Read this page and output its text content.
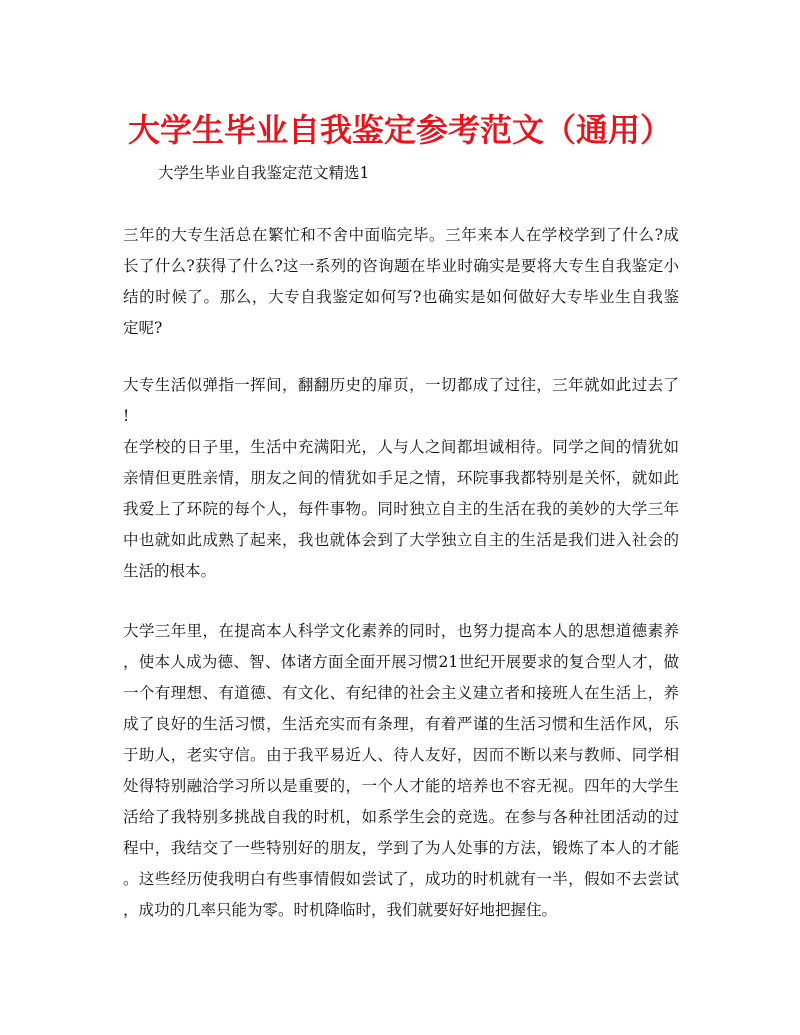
大学生毕业自我鉴定参考范文（通用）

大学生毕业自我鉴定范文精选1

三年的大专生活总在繁忙和不舍中面临完毕。三年来本人在学校学到了什么?成
长了什么?获得了什么?这一系列的咨询题在毕业时确实是要将大专生自我鉴定小
结的时候了。那么，大专自我鉴定如何写?也确实是如何做好大专毕业生自我鉴
定呢?

大专生活似弹指一挥间，翻翻历史的扉页，一切都成了过往，三年就如此过去了
!
在学校的日子里，生活中充满阳光，人与人之间都坦诚相待。同学之间的情犹如
亲情但更胜亲情，朋友之间的情犹如手足之情，环院事我都特别是关怀，就如此
我爱上了环院的每个人，每件事物。同时独立自主的生活在我的美妙的大学三年
中也就如此成熟了起来，我也就体会到了大学独立自主的生活是我们进入社会的
生活的根本。

大学三年里，在提高本人科学文化素养的同时，也努力提高本人的思想道德素养
，使本人成为德、智、体诸方面全面开展习惯21世纪开展要求的复合型人才，做
一个有理想、有道德、有文化、有纪律的社会主义建立者和接班人在生活上，养
成了良好的生活习惯，生活充实而有条理，有着严谨的生活习惯和生活作风，乐
于助人，老实守信。由于我平易近人、待人友好，因而不断以来与教师、同学相
处得特别融洽学习所以是重要的，一个人才能的培养也不容无视。四年的大学生
活给了我特别多挑战自我的时机，如系学生会的竞选。在参与各种社团活动的过
程中，我结交了一些特别好的朋友，学到了为人处事的方法，锻炼了本人的才能
。这些经历使我明白有些事情假如尝试了，成功的时机就有一半，假如不去尝试
，成功的几率只能为零。时机降临时，我们就要好好地把握住。
